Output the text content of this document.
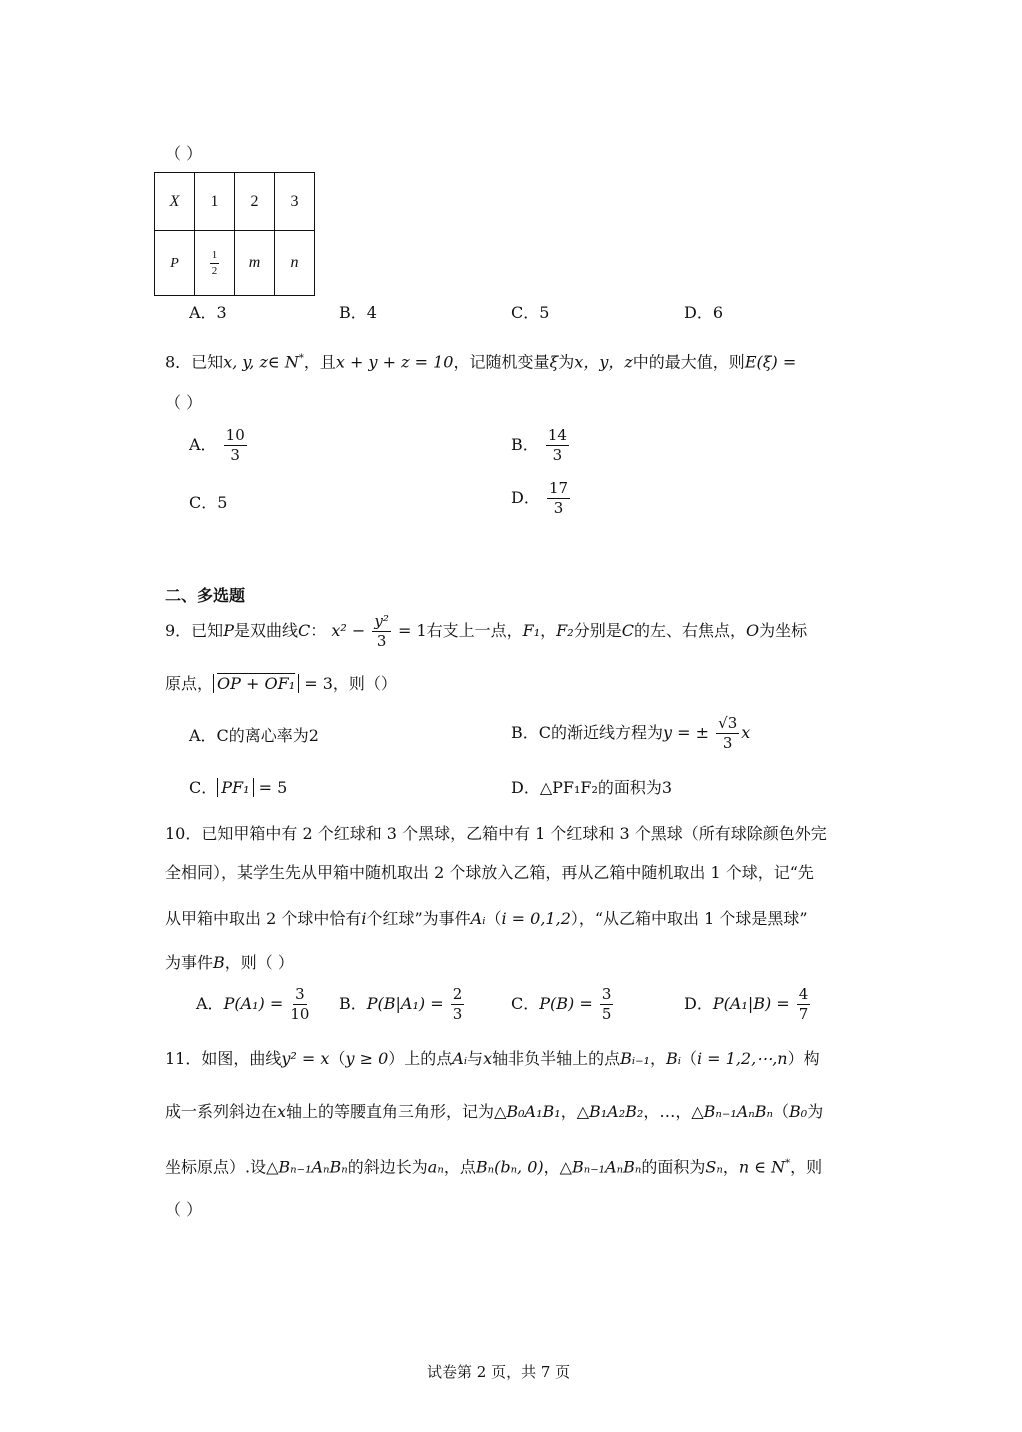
（ ）
X	1	2	3
P	$\frac{1}{2}$	m	n
A．3	B．4	C．5	D．6
8．已知x, y, z∈ N*，且x + y + z = 10，记随机变量ξ为x，y，z中的最大值，则E(ξ) =
（ ）
A． $\frac{10}{3}$	B． $\frac{14}{3}$
C．5	D． $\frac{17}{3}$
二、多选题
9．已知P是双曲线C： $x^2 - \frac{\text{y²}}{3} = 1$右支上一点，F₁，F₂分别是C的左、右焦点，O为坐标
原点， OP + OF₁ = 3，则（）
A．C的离心率为2	B．C的渐近线方程为y = ± $\frac{√3}{3}$ x
C． PF₁ = 5	D．△PF₁F₂的面积为3
10．已知甲箱中有 2 个红球和 3 个黑球，乙箱中有 1 个红球和 3 个黑球（所有球除颜色外完
全相同），某学生先从甲箱中随机取出 2 个球放入乙箱，再从乙箱中随机取出 1 个球，记“先
从甲箱中取出 2 个球中恰有i个红球”为事件Aᵢ（i = 0,1,2），“从乙箱中取出 1 个球是黑球”
为事件B，则（ ）
A．$P(A_1) = \frac{3}{10}$ B．$P(B|A_1) = \frac{2}{3}$	C．$P(B) = \frac{3}{5}$	D．$P(A_1|B) = \frac{4}{7}$
11．如图，曲线y² = x（y ≥ 0）上的点Aᵢ与x轴非负半轴上的点Bᵢ₋₁，Bᵢ（i = 1,2,⋯,n）构
成一系列斜边在x轴上的等腰直角三角形，记为△B₀A₁B₁，△B₁A₂B₂，…，△Bₙ₋₁AₙBₙ（B₀为
坐标原点）.设△Bₙ₋₁AₙBₙ的斜边长为aₙ，点Bₙ(bₙ, 0)，△Bₙ₋₁AₙBₙ的面积为Sₙ，n ∈ N*，则
（ ）
试卷第 2 页，共 7 页
